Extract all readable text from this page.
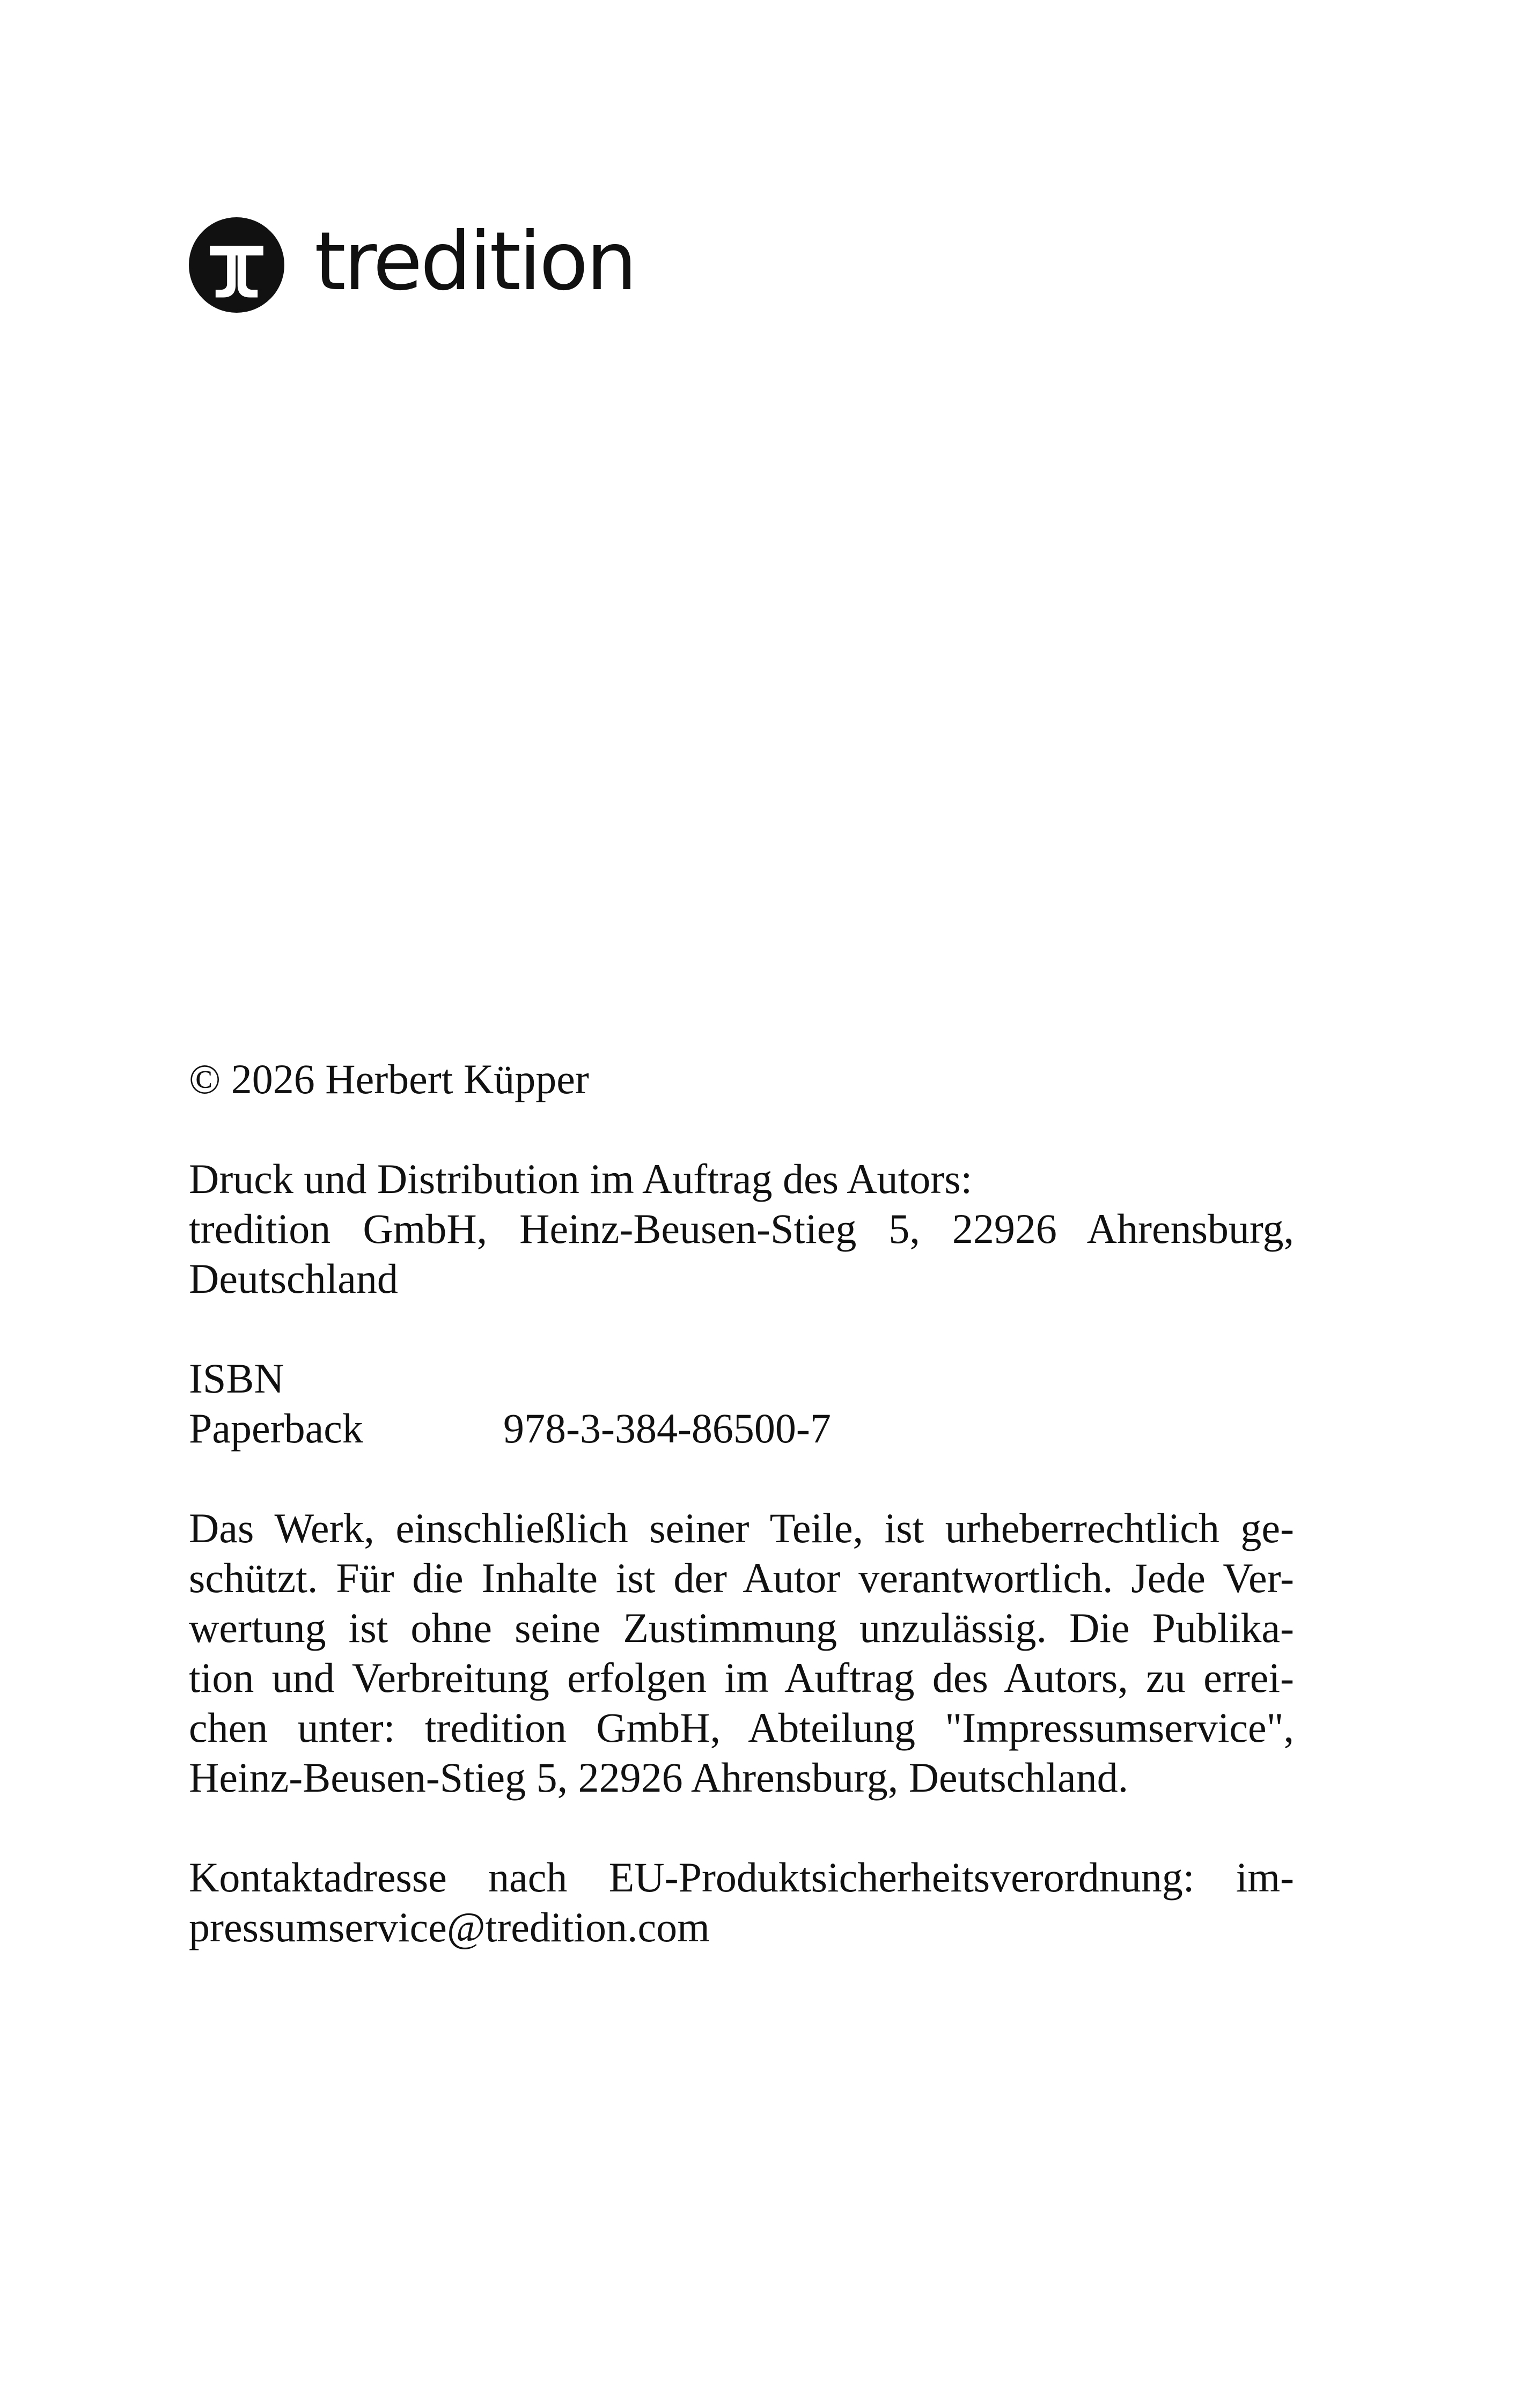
tredition
© 2026 Herbert Küpper
Druck und Distribution im Auftrag des Autors:
tredition GmbH, Heinz-Beusen-Stieg 5, 22926 Ahrensburg,
Deutschland
ISBN
Paperback	978-3-384-86500-7
Das Werk, einschließlich seiner Teile, ist urheberrechtlich ge-
schützt. Für die Inhalte ist der Autor verantwortlich. Jede Ver-
wertung ist ohne seine Zustimmung unzulässig. Die Publika-
tion und Verbreitung erfolgen im Auftrag des Autors, zu errei-
chen unter: tredition GmbH, Abteilung "Impressumservice",
Heinz-Beusen-Stieg 5, 22926 Ahrensburg, Deutschland.
Kontaktadresse nach EU-Produktsicherheitsverordnung: im-
pressumservice@tredition.com
